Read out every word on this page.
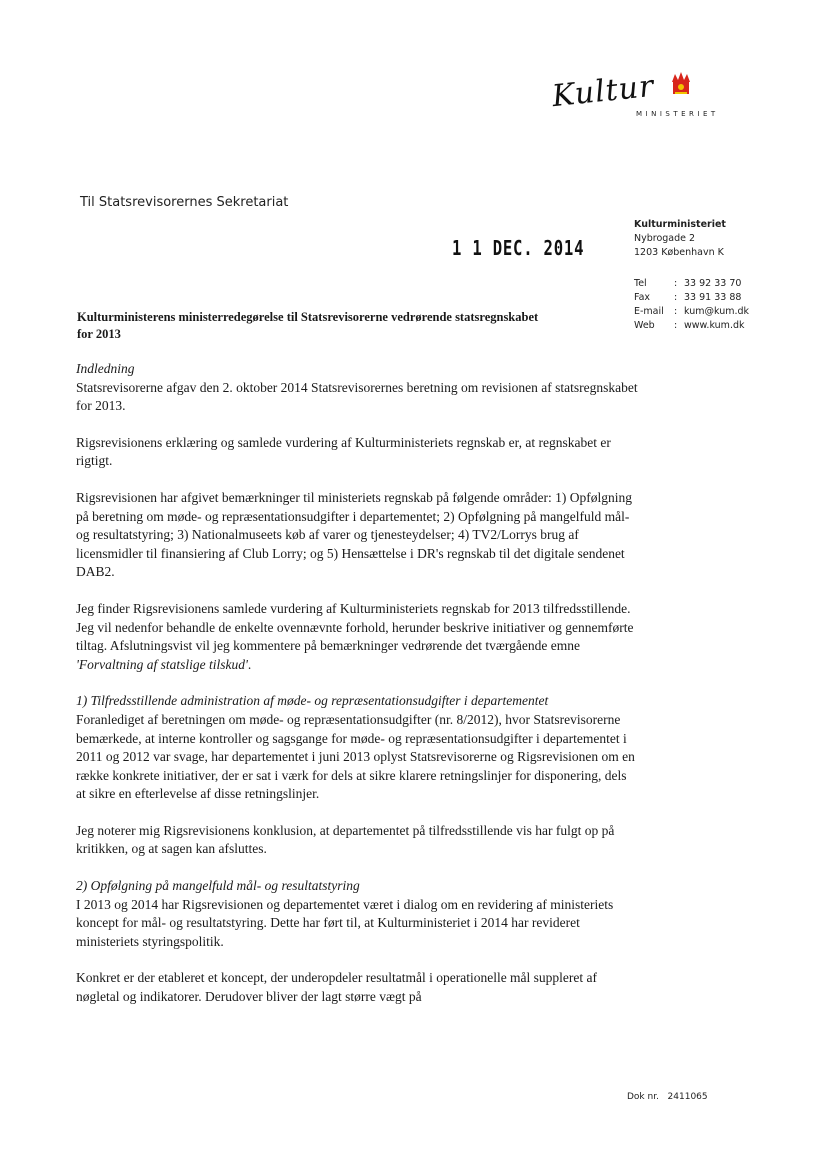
Kultur
MINISTERIET
Til Statsrevisorernes Sekretariat
1 1 DEC. 2014
Kulturministeriet
Nybrogade 2
1203 København K
Tel	: 33 92 33 70
Fax	: 33 91 33 88
E-mail	: kum@kum.dk
Web	: www.kum.dk
Kulturministerens ministerredegørelse til Statsrevisorerne vedrørende statsregnskabet for 2013

Indledning
Statsrevisorerne afgav den 2. oktober 2014 Statsrevisorernes beretning om revisionen af statsregnskabet for 2013.

Rigsrevisionens erklæring og samlede vurdering af Kulturministeriets regnskab er, at regnskabet er rigtigt.

Rigsrevisionen har afgivet bemærkninger til ministeriets regnskab på følgende områder: 1) Opfølgning på beretning om møde- og repræsentationsudgifter i departementet; 2) Opfølgning på mangelfuld mål- og resultatstyring; 3) Nationalmuseets køb af varer og tjenesteydelser; 4) TV2/Lorrys brug af licensmidler til finansiering af Club Lorry; og 5) Hensættelse i DR's regnskab til det digitale sendenet DAB2.

Jeg finder Rigsrevisionens samlede vurdering af Kulturministeriets regnskab for 2013 tilfredsstillende. Jeg vil nedenfor behandle de enkelte ovennævnte forhold, herunder beskrive initiativer og gennemførte tiltag. Afslutningsvist vil jeg kommentere på bemærkninger vedrørende det tværgående emne 'Forvaltning af statslige tilskud'.

1) Tilfredsstillende administration af møde- og repræsentationsudgifter i departementet
Foranlediget af beretningen om møde- og repræsentationsudgifter (nr. 8/2012), hvor Statsrevisorerne bemærkede, at interne kontroller og sagsgange for møde- og repræsentationsudgifter i departementet i 2011 og 2012 var svage, har departementet i juni 2013 oplyst Statsrevisorerne og Rigsrevisionen om en række konkrete initiativer, der er sat i værk for dels at sikre klarere retningslinjer for disponering, dels at sikre en efterlevelse af disse retningslinjer.

Jeg noterer mig Rigsrevisionens konklusion, at departementet på tilfredsstillende vis har fulgt op på kritikken, og at sagen kan afsluttes.

2) Opfølgning på mangelfuld mål- og resultatstyring
I 2013 og 2014 har Rigsrevisionen og departementet været i dialog om en revidering af ministeriets koncept for mål- og resultatstyring. Dette har ført til, at Kulturministeriet i 2014 har revideret ministeriets styringspolitik.

Konkret er der etableret et koncept, der underopdeler resultatmål i operationelle mål suppleret af nøgletal og indikatorer. Derudover bliver der lagt større vægt på

Dok nr. 2411065
